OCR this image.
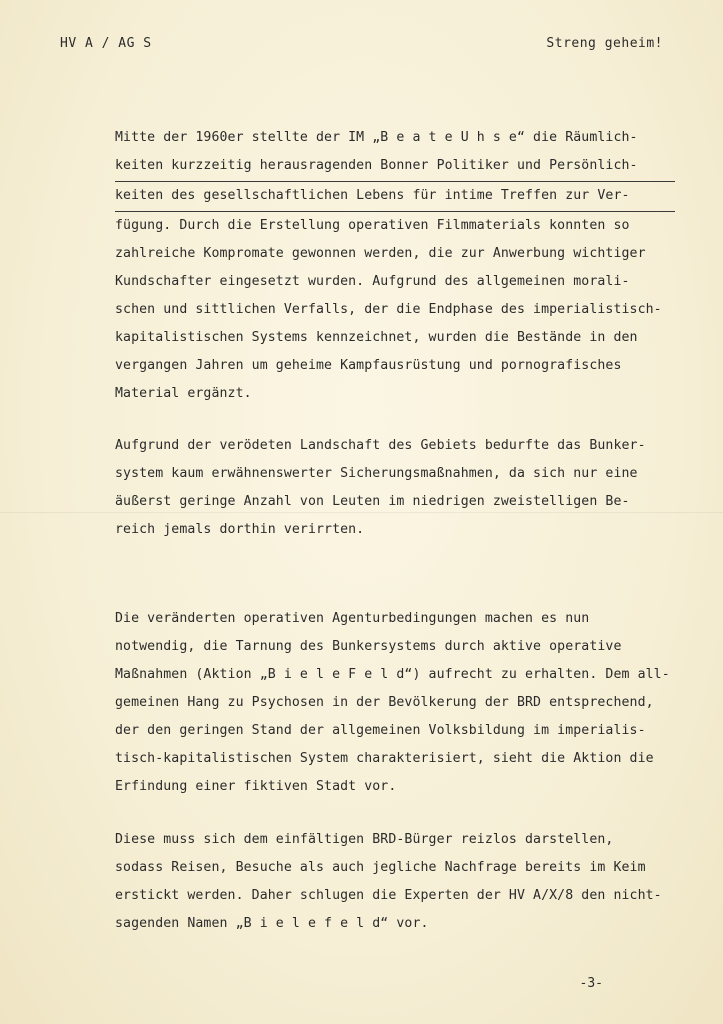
HV A / AG S	Streng geheim!
Mitte der 1960er stellte der IM „B e a t e U h s e“ die Räumlich-
keiten kurzzeitig herausragenden Bonner Politiker und Persönlich-
keiten des gesellschaftlichen Lebens für intime Treffen zur Ver-
fügung. Durch die Erstellung operativen Filmmaterials konnten so
zahlreiche Kompromate gewonnen werden, die zur Anwerbung wichtiger
Kundschafter eingesetzt wurden. Aufgrund des allgemeinen morali-
schen und sittlichen Verfalls, der die Endphase des imperialistisch-
kapitalistischen Systems kennzeichnet, wurden die Bestände in den
vergangen Jahren um geheime Kampfausrüstung und pornografisches
Material ergänzt.
Aufgrund der verödeten Landschaft des Gebiets bedurfte das Bunker-
system kaum erwähnenswerter Sicherungsmaßnahmen, da sich nur eine
äußerst geringe Anzahl von Leuten im niedrigen zweistelligen Be-
reich jemals dorthin verirrten.
Die veränderten operativen Agenturbedingungen machen es nun
notwendig, die Tarnung des Bunkersystems durch aktive operative
Maßnahmen (Aktion „B i e l e F e l d“) aufrecht zu erhalten. Dem all-
gemeinen Hang zu Psychosen in der Bevölkerung der BRD entsprechend,
der den geringen Stand der allgemeinen Volksbildung im imperialis-
tisch-kapitalistischen System charakterisiert, sieht die Aktion die
Erfindung einer fiktiven Stadt vor.
Diese muss sich dem einfältigen BRD-Bürger reizlos darstellen,
sodass Reisen, Besuche als auch jegliche Nachfrage bereits im Keim
erstickt werden. Daher schlugen die Experten der HV A/X/8 den nicht-
sagenden Namen „B i e l e f e l d“ vor.
-3-
